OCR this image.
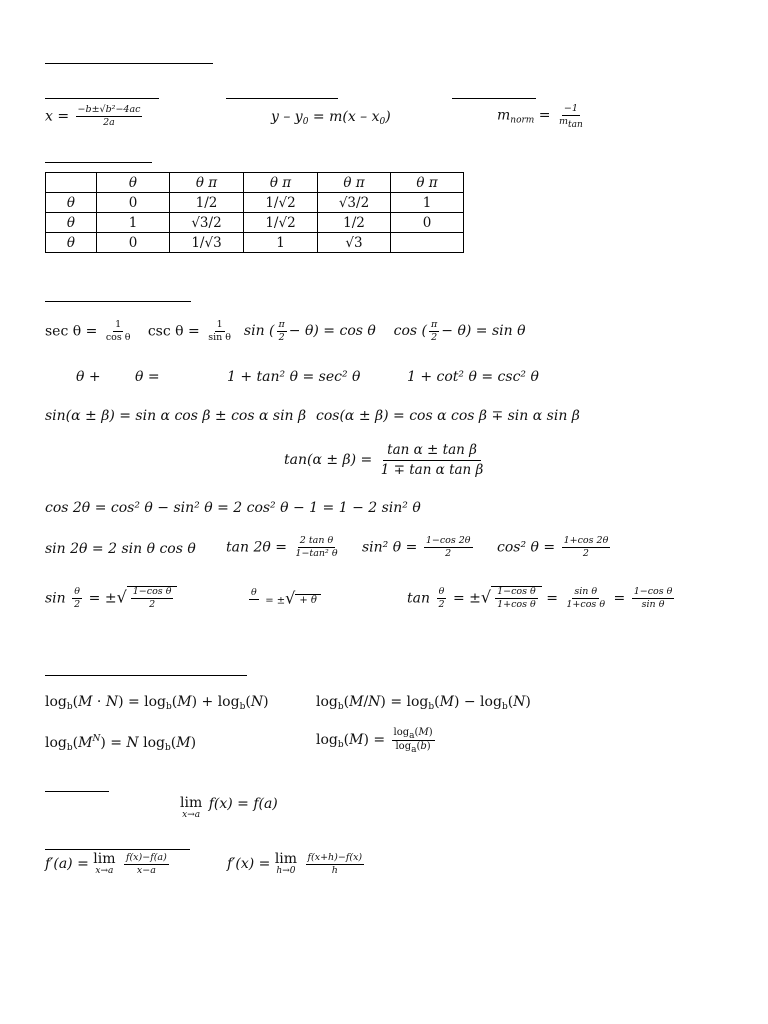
$x = \frac{\text{−b±√b²−4ac}}{2a}$	$y - y_0 = m(x - x_0)$	$m_{norm} = \frac{-1}{m_{tan}}$
	θ	θ π	θ π	θ π	θ π
θ	0	1/2	1/√2	√3/2	1
θ	1	√3/2	1/√2	1/2	0
θ	0	1/√3	1	√3	
$\sec \theta = \frac{1}{\text{cos θ}}$ $\csc \theta = \frac{1}{\text{sin θ}}$ sin ( $\frac{\pi}{2} - \theta) = \cos \theta$ cos ( $\frac{\pi}{2} - \theta) = \sin \theta$
θ + θ =	1 + tan² θ = sec² θ	1 + cot² θ = csc² θ
sin(α ± β) = sin α cos β ± cos α sin β cos(α ± β) = cos α cos β ∓ sin α sin β
$\tan(\alpha \pm \beta) = \frac{\text{tan α ± tan β}}{\text{1 ∓ tan α tan β}}$
cos 2θ = cos² θ − sin² θ = 2 cos² θ − 1 = 1 − 2 sin² θ
sin 2θ = 2 sin θ cos θ $\tan 2\theta = \frac{\text{2 tan θ}}{\text{1−tan² θ}} \sin^2$ $\theta = \frac{1-\cos 2\theta}{2} \cos^2$ $\theta = \frac{1+\cos 2\theta}{2}$
$\sin \frac{\theta}{2}$ = ±√ $\frac{\text{1−cos θ}}{2}$	θ

= ±√ + θ	$\tan \frac{\theta}{2}$ = ±√ $\frac{\text{1−cos θ}}{\text{1+cos θ}} = \frac{\text{sin θ}}{\text{1+cos θ}} = \frac{\text{1−cos θ}}{\text{sin θ}}$
$\log_b(M \cdot N) = \log_b(M) + \log_b(N)$	$\log_b(M/N) = \log_b(M) - \log_b(N)$
$\log_b(M^N) = N$ $\log_b(M)$	$\log_b(M) = \frac{\log_a(M)}{\log_a(b)}$
lim
x→a
f(x) = f(a)
f′(a) = lim
x→a
$\frac{f(x)-f(a)}{x-a}$	f′(x) = lim
h→0
$\frac{f(x+h)-f(x)}{h}$
